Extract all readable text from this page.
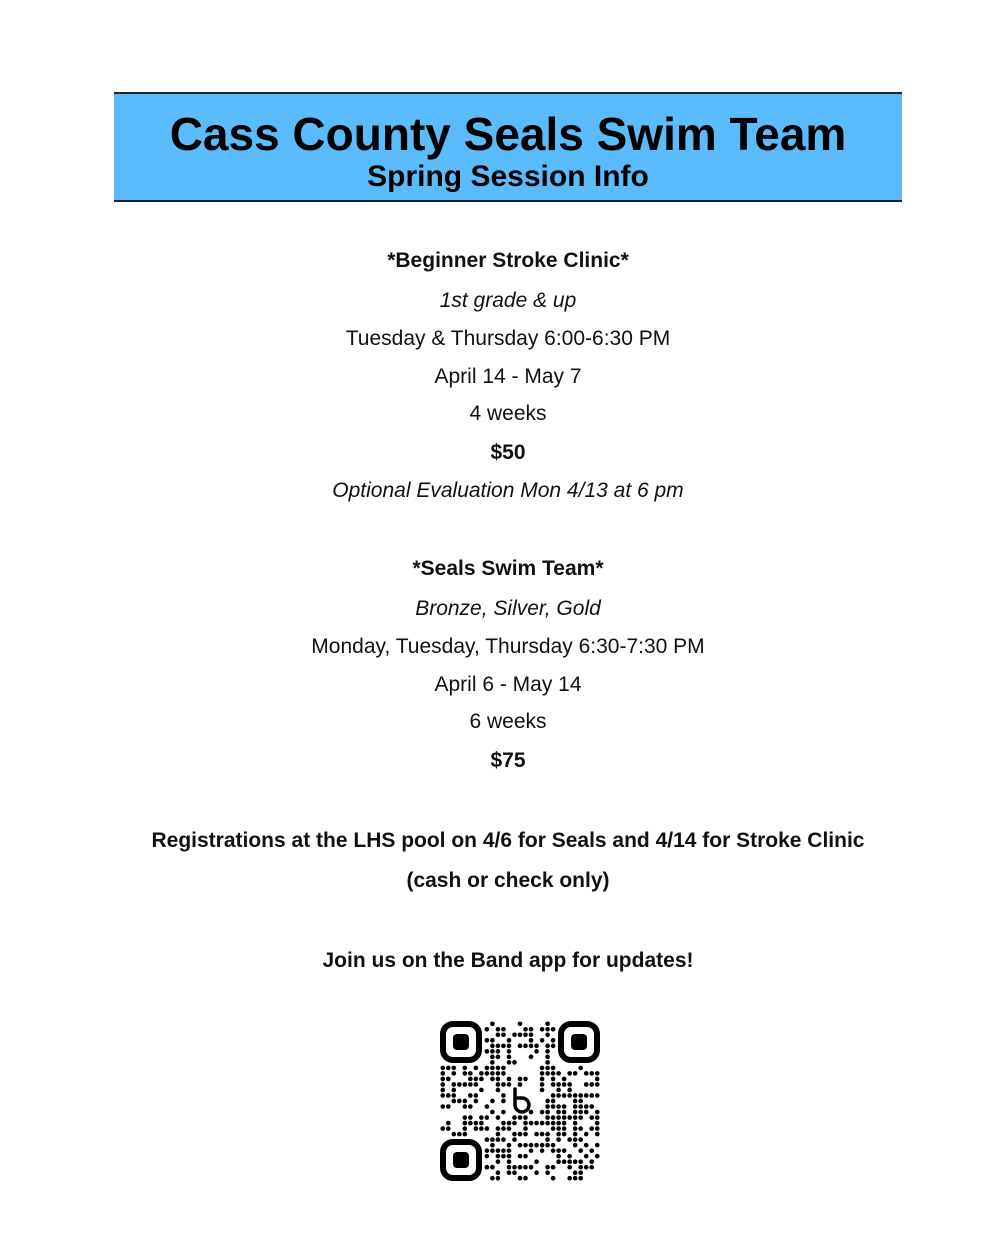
Cass County Seals Swim Team
Spring Session Info
*Beginner Stroke Clinic*
1st grade & up
Tuesday & Thursday 6:00-6:30 PM
April 14 - May 7
4 weeks
$50
Optional Evaluation Mon 4/13 at 6 pm
*Seals Swim Team*
Bronze, Silver, Gold
Monday, Tuesday, Thursday 6:30-7:30 PM
April 6 - May 14
6 weeks
$75
Registrations at the LHS pool on 4/6 for Seals and 4/14 for Stroke Clinic
(cash or check only)
Join us on the Band app for updates!
